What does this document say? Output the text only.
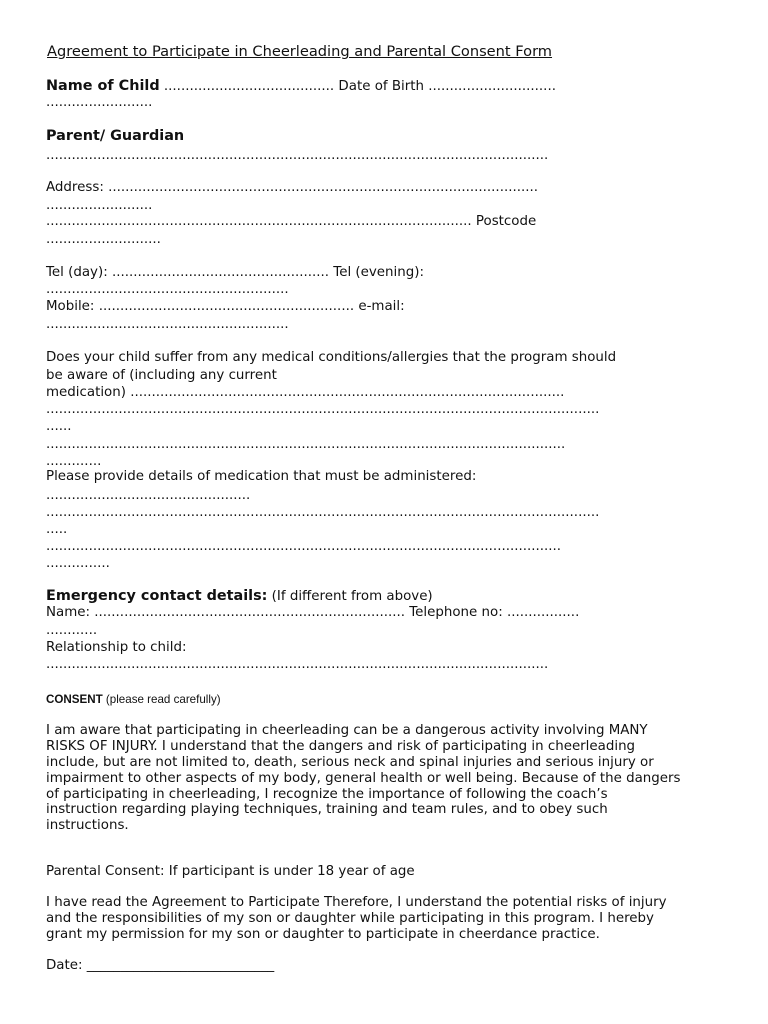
Agreement to Participate in Cheerleading and Parental Consent Form
Name of Child ........................................ Date of Birth ..............................
.........................
Parent/ Guardian
......................................................................................................................
Address: .....................................................................................................
.........................
.................................................................................................... Postcode
...........................
Tel (day): ................................................... Tel (evening):
.........................................................
Mobile: ............................................................ e-mail:
.........................................................
Does your child suffer from any medical conditions/allergies that the program should
be aware of (including any current
medication) ......................................................................................................
..................................................................................................................................
......
..........................................................................................................................
.............
Please provide details of medication that must be administered:
................................................
..................................................................................................................................
.....
.........................................................................................................................
...............
Emergency contact details: (If different from above)
Name: ......................................................................... Telephone no: .................
............
Relationship to child:
......................................................................................................................
CONSENT (please read carefully)
I am aware that participating in cheerleading can be a dangerous activity involving MANY
RISKS OF INJURY. I understand that the dangers and risk of participating in cheerleading
include, but are not limited to, death, serious neck and spinal injuries and serious injury or
impairment to other aspects of my body, general health or well being. Because of the dangers
of participating in cheerleading, I recognize the importance of following the coach’s
instruction regarding playing techniques, training and team rules, and to obey such
instructions.
Parental Consent: If participant is under 18 year of age
I have read the Agreement to Participate Therefore, I understand the potential risks of injury
and the responsibilities of my son or daughter while participating in this program. I hereby
grant my permission for my son or daughter to participate in cheerdance practice.
Date: ____________________________
